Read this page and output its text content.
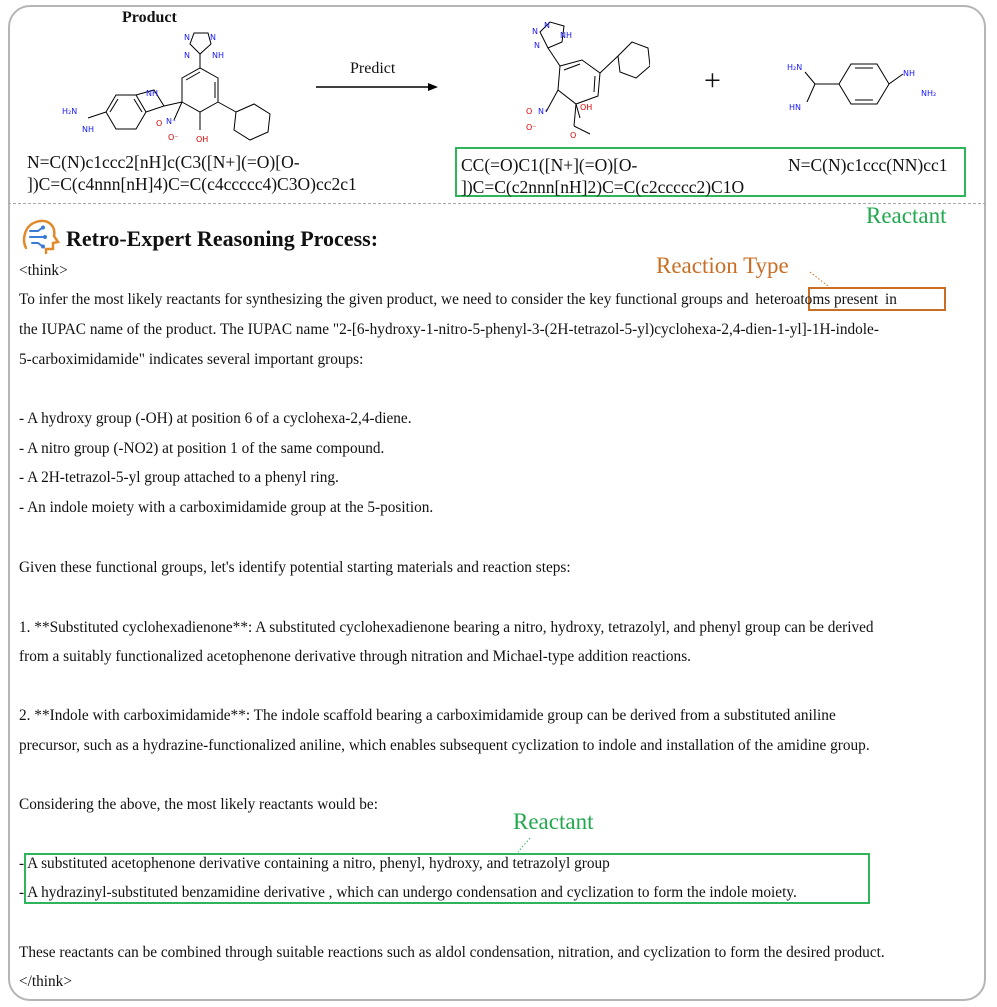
Product
NH
H₂N
NH
N	N
NH
N
N⁺
O⁻
O
OH
N=C(N)c1ccc2[nH]c(C3([N+](=O)[O-
])C=C(c4nnn[nH]4)C=C(c4ccccc4)C3O)cc2c1
Predict
N
N
NH
N
N⁺
O
O⁻
OH
O
+	H₂N
HN
NH
NH₂
CC(=O)C1([N+](=O)[O-
])C=C(c2nnn[nH]2)C=C(c2ccccc2)C1O
N=C(N)c1ccc(NN)cc1
Reactant
Retro-Expert Reasoning Process:
Reaction Type
Reactant
<think>
To infer the most likely reactants for synthesizing the given product, we need to consider the key functional groups and heteroatoms present in
the IUPAC name of the product. The IUPAC name "2-[6-hydroxy-1-nitro-5-phenyl-3-(2H-tetrazol-5-yl)cyclohexa-2,4-dien-1-yl]-1H-indole-
5-carboximidamide" indicates several important groups:
- A hydroxy group (-OH) at position 6 of a cyclohexa-2,4-diene.
- A nitro group (-NO2) at position 1 of the same compound.
- A 2H-tetrazol-5-yl group attached to a phenyl ring.
- An indole moiety with a carboximidamide group at the 5-position.
Given these functional groups, let's identify potential starting materials and reaction steps:
1. **Substituted cyclohexadienone**: A substituted cyclohexadienone bearing a nitro, hydroxy, tetrazolyl, and phenyl group can be derived
from a suitably functionalized acetophenone derivative through nitration and Michael-type addition reactions.
2. **Indole with carboximidamide**: The indole scaffold bearing a carboximidamide group can be derived from a substituted aniline
precursor, such as a hydrazine-functionalized aniline, which enables subsequent cyclization to indole and installation of the amidine group.
Considering the above, the most likely reactants would be:
- A substituted acetophenone derivative containing a nitro, phenyl, hydroxy, and tetrazolyl group
- A hydrazinyl-substituted benzamidine derivative , which can undergo condensation and cyclization to form the indole moiety.
These reactants can be combined through suitable reactions such as aldol condensation, nitration, and cyclization to form the desired product.
</think>
